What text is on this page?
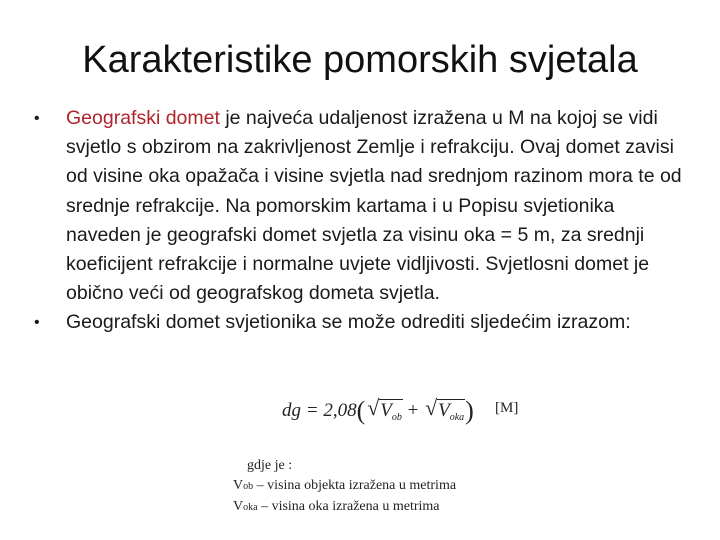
Karakteristike pomorskih svjetala
• Geografski domet je najveća udaljenost izražena u M na kojoj se vidi svjetlo s obzirom na zakrivljenost Zemlje i refrakciju. Ovaj domet zavisi od visine oka opažača i visine svjetla nad srednjom razinom mora te od srednje refrakcije. Na pomorskim kartama i u Popisu svjetionika naveden je geografski domet svjetla za visinu oka = 5 m, za srednji koeficijent refrakcije i normalne uvjete vidljivosti. Svjetlosni domet je obično veći od geografskog dometa svjetla.
• Geografski domet svjetionika se može odrediti sljedećim izrazom:
dg = 2,08( √ $V_{ob}$ + √ $V_{oka}$) [M]
gdje je :
Vob – visina objekta izražena u metrima
Voka – visina oka izražena u metrima
